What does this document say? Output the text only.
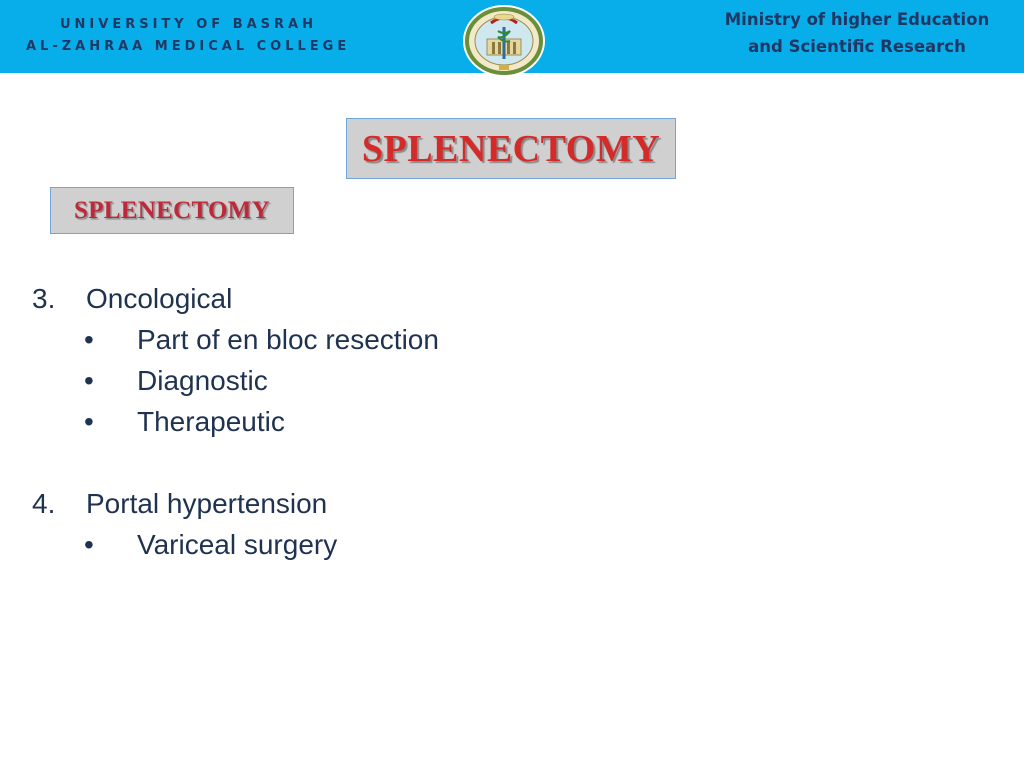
UNIVERSITY OF BASRAH
AL-ZAHRAA MEDICAL COLLEGE
Ministry of higher Education
and Scientific Research
SPLENECTOMY
SPLENECTOMY
3. Oncological
• Part of en bloc resection
• Diagnostic
• Therapeutic
4. Portal hypertension
• Variceal surgery
